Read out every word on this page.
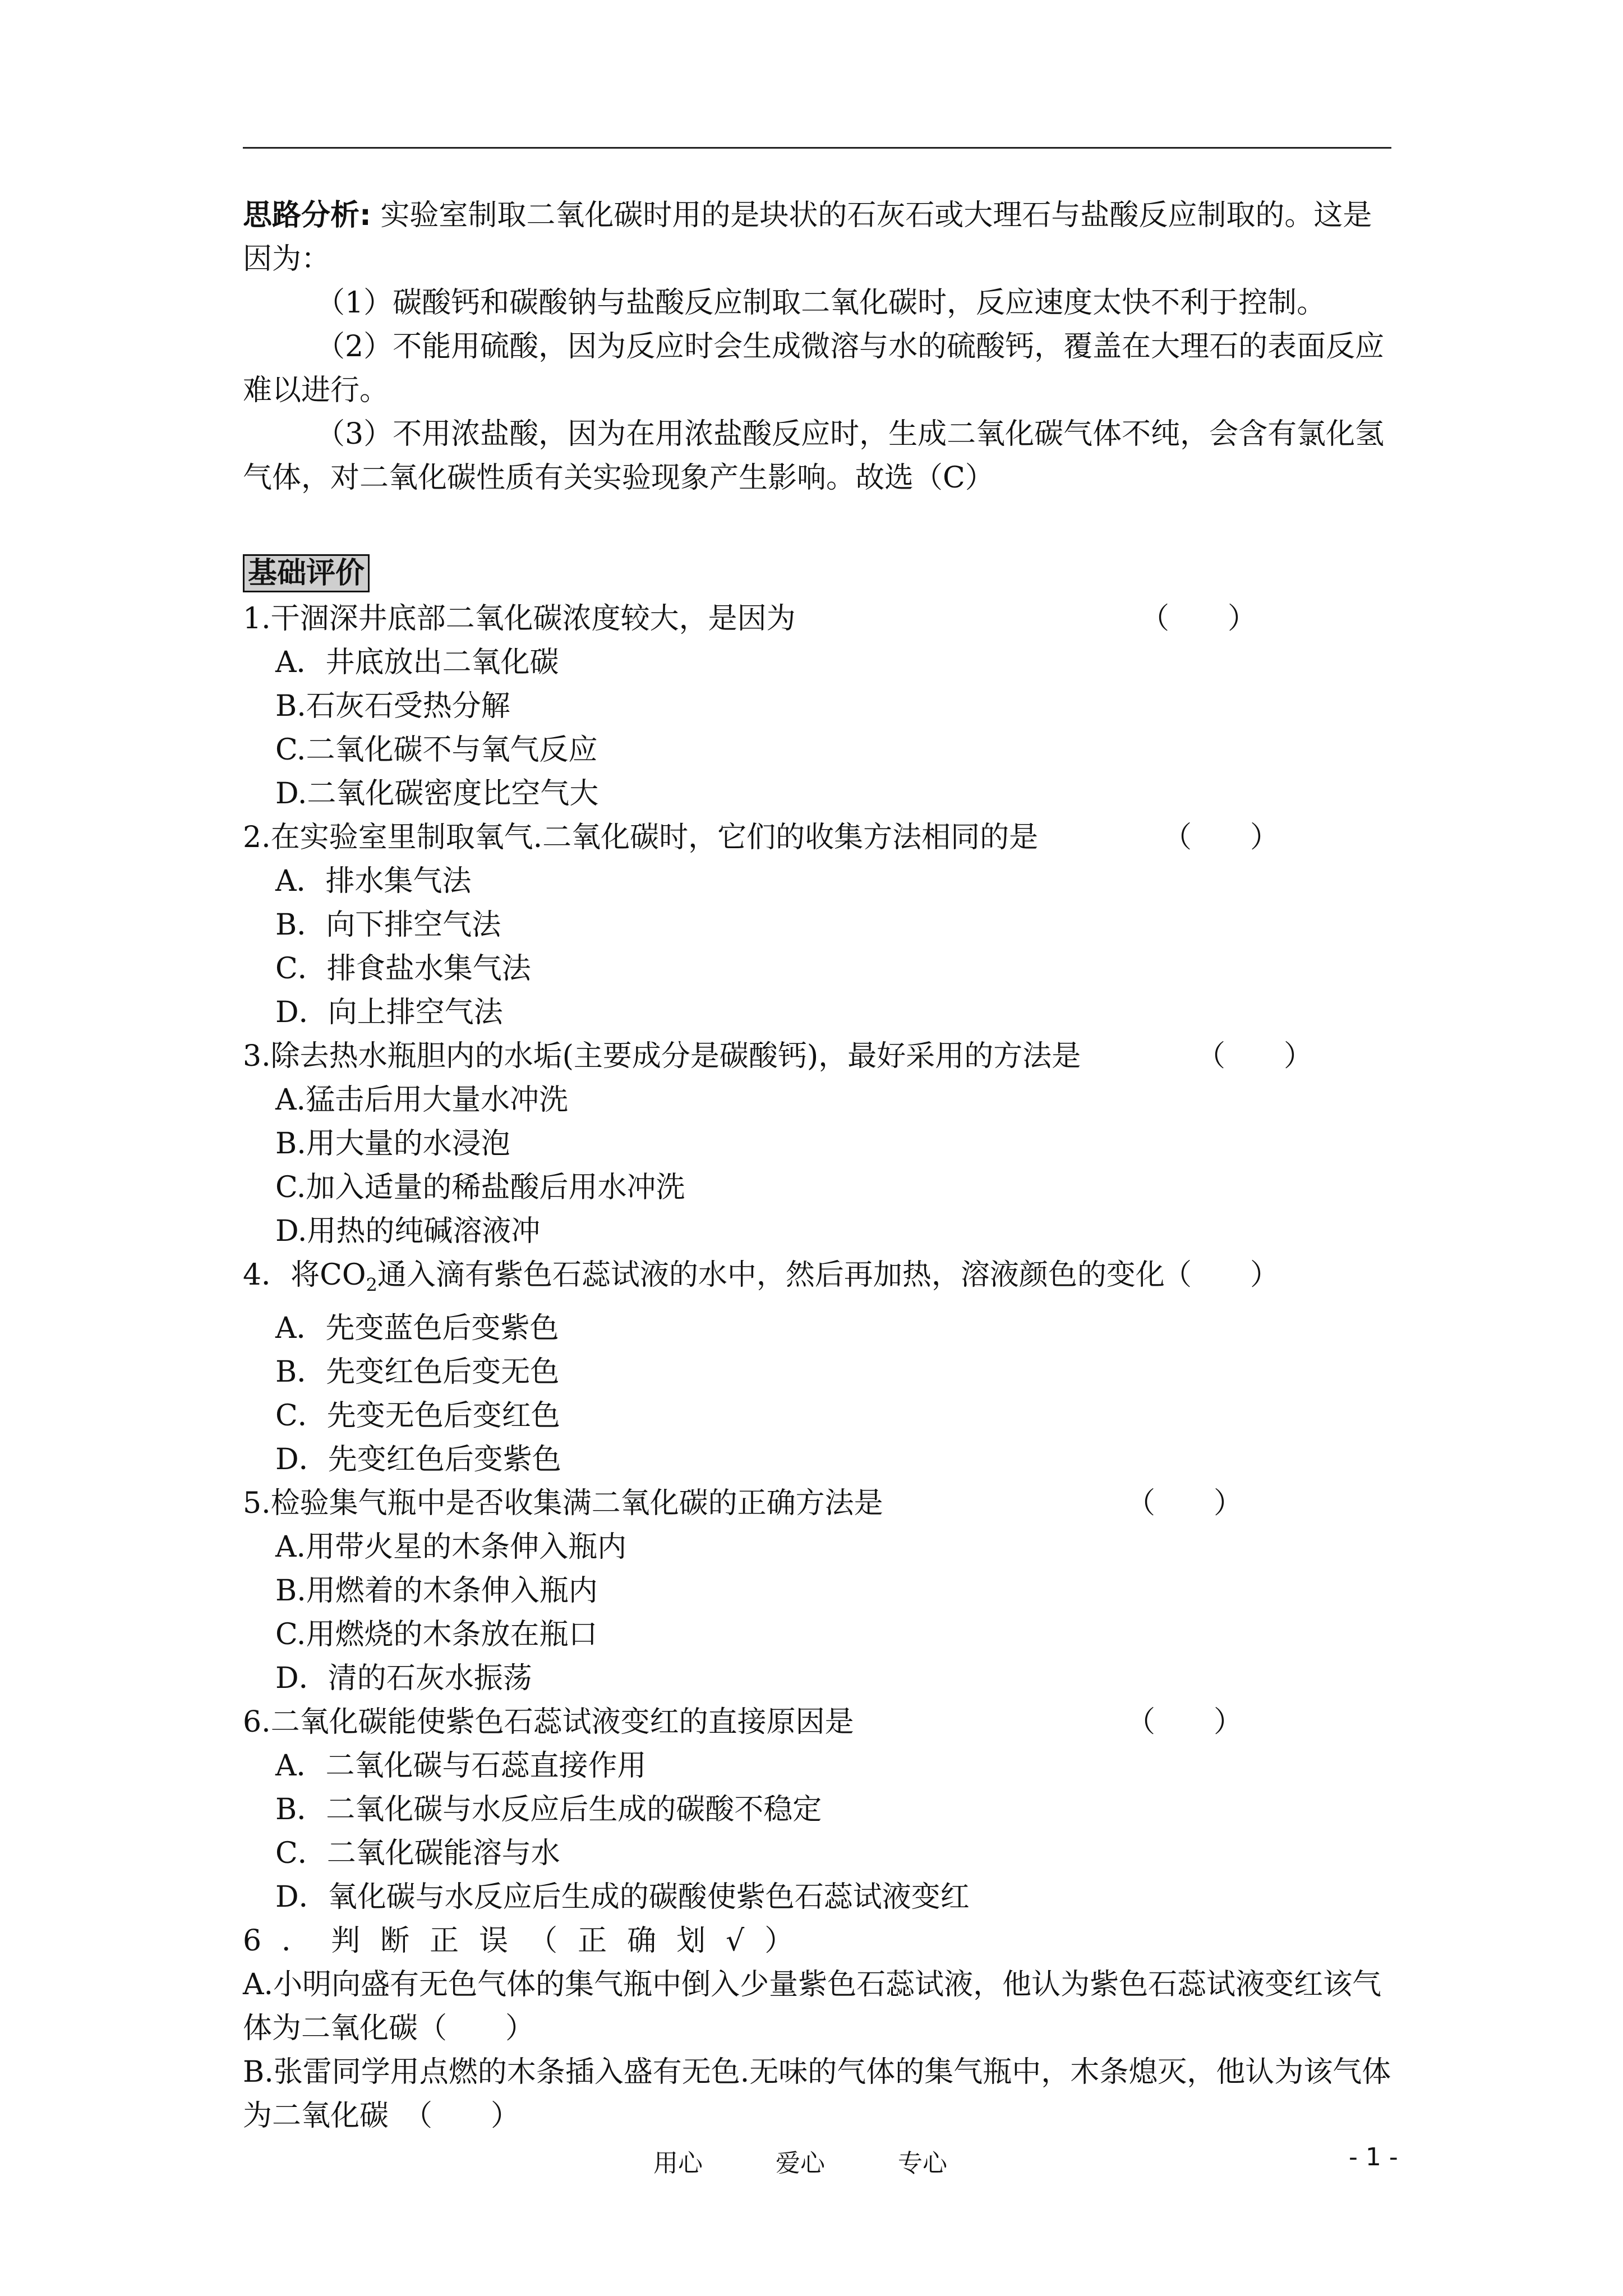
思路分析: 实验室制取二氧化碳时用的是块状的石灰石或大理石与盐酸反应制取的。这是因为：

（1）碳酸钙和碳酸钠与盐酸反应制取二氧化碳时，反应速度太快不利于控制。

（2）不能用硫酸，因为反应时会生成微溶与水的硫酸钙，覆盖在大理石的表面反应难以进行。

（3）不用浓盐酸，因为在用浓盐酸反应时，生成二氧化碳气体不纯，会含有氯化氢气体，对二氧化碳性质有关实验现象产生影响。故选（C）

基础评价

1.干涸深井底部二氧化碳浓度较大，是因为	（　　）

A．井底放出二氧化碳

B.石灰石受热分解

C.二氧化碳不与氧气反应

D.二氧化碳密度比空气大

2.在实验室里制取氧气.二氧化碳时，它们的收集方法相同的是	（　　）

A．排水集气法

B．向下排空气法

C．排食盐水集气法

D．向上排空气法

3.除去热水瓶胆内的水垢(主要成分是碳酸钙)，最好采用的方法是	（　　）

A.猛击后用大量水冲洗

B.用大量的水浸泡

C.加入适量的稀盐酸后用水冲洗

D.用热的纯碱溶液冲

4．将$CO_2$通入滴有紫色石蕊试液的水中，然后再加热，溶液颜色的变化
（　　）

A．先变蓝色后变紫色

B．先变红色后变无色

C．先变无色后变红色

D．先变红色后变紫色

5.检验集气瓶中是否收集满二氧化碳的正确方法是	（　　）

A.用带火星的木条伸入瓶内

B.用燃着的木条伸入瓶内

C.用燃烧的木条放在瓶口

D．清的石灰水振荡

6.二氧化碳能使紫色石蕊试液变红的直接原因是	（　　）

A．二氧化碳与石蕊直接作用

B．二氧化碳与水反应后生成的碳酸不稳定

C．二氧化碳能溶与水

D．氧化碳与水反应后生成的碳酸使紫色石蕊试液变红

6．判断正误（正确划√）

A.小明向盛有无色气体的集气瓶中倒入少量紫色石蕊试液，他认为紫色石蕊试液变红该气体为二氧化碳（　　）

B.张雷同学用点燃的木条插入盛有无色.无味的气体的集气瓶中，木条熄灭，他认为该气体为二氧化碳　（　　）

用心	爱心	专心	- 1 -
